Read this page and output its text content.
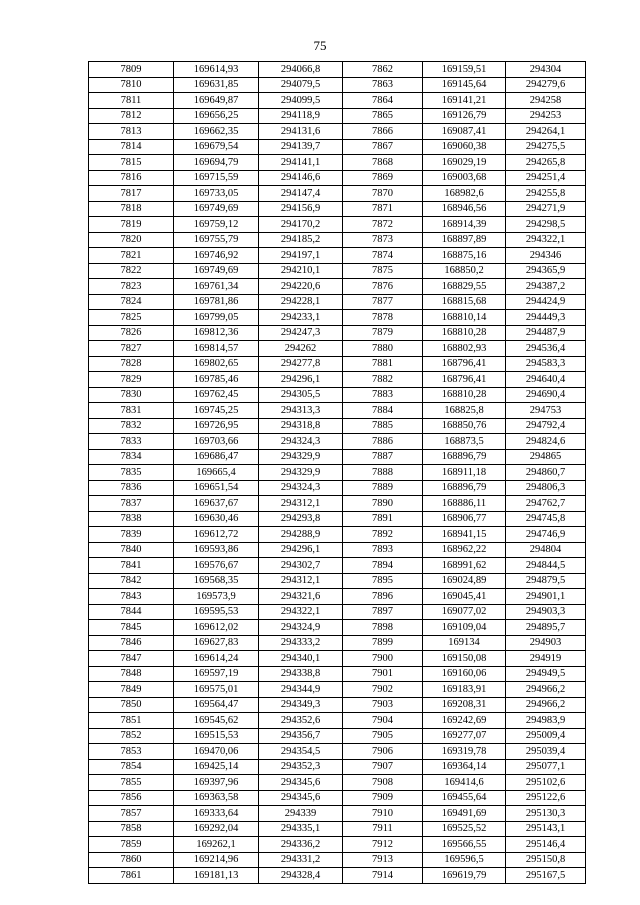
75
7809	169614,93	294066,8	7862	169159,51	294304
7810	169631,85	294079,5	7863	169145,64	294279,6
7811	169649,87	294099,5	7864	169141,21	294258
7812	169656,25	294118,9	7865	169126,79	294253
7813	169662,35	294131,6	7866	169087,41	294264,1
7814	169679,54	294139,7	7867	169060,38	294275,5
7815	169694,79	294141,1	7868	169029,19	294265,8
7816	169715,59	294146,6	7869	169003,68	294251,4
7817	169733,05	294147,4	7870	168982,6	294255,8
7818	169749,69	294156,9	7871	168946,56	294271,9
7819	169759,12	294170,2	7872	168914,39	294298,5
7820	169755,79	294185,2	7873	168897,89	294322,1
7821	169746,92	294197,1	7874	168875,16	294346
7822	169749,69	294210,1	7875	168850,2	294365,9
7823	169761,34	294220,6	7876	168829,55	294387,2
7824	169781,86	294228,1	7877	168815,68	294424,9
7825	169799,05	294233,1	7878	168810,14	294449,3
7826	169812,36	294247,3	7879	168810,28	294487,9
7827	169814,57	294262	7880	168802,93	294536,4
7828	169802,65	294277,8	7881	168796,41	294583,3
7829	169785,46	294296,1	7882	168796,41	294640,4
7830	169762,45	294305,5	7883	168810,28	294690,4
7831	169745,25	294313,3	7884	168825,8	294753
7832	169726,95	294318,8	7885	168850,76	294792,4
7833	169703,66	294324,3	7886	168873,5	294824,6
7834	169686,47	294329,9	7887	168896,79	294865
7835	169665,4	294329,9	7888	168911,18	294860,7
7836	169651,54	294324,3	7889	168896,79	294806,3
7837	169637,67	294312,1	7890	168886,11	294762,7
7838	169630,46	294293,8	7891	168906,77	294745,8
7839	169612,72	294288,9	7892	168941,15	294746,9
7840	169593,86	294296,1	7893	168962,22	294804
7841	169576,67	294302,7	7894	168991,62	294844,5
7842	169568,35	294312,1	7895	169024,89	294879,5
7843	169573,9	294321,6	7896	169045,41	294901,1
7844	169595,53	294322,1	7897	169077,02	294903,3
7845	169612,02	294324,9	7898	169109,04	294895,7
7846	169627,83	294333,2	7899	169134	294903
7847	169614,24	294340,1	7900	169150,08	294919
7848	169597,19	294338,8	7901	169160,06	294949,5
7849	169575,01	294344,9	7902	169183,91	294966,2
7850	169564,47	294349,3	7903	169208,31	294966,2
7851	169545,62	294352,6	7904	169242,69	294983,9
7852	169515,53	294356,7	7905	169277,07	295009,4
7853	169470,06	294354,5	7906	169319,78	295039,4
7854	169425,14	294352,3	7907	169364,14	295077,1
7855	169397,96	294345,6	7908	169414,6	295102,6
7856	169363,58	294345,6	7909	169455,64	295122,6
7857	169333,64	294339	7910	169491,69	295130,3
7858	169292,04	294335,1	7911	169525,52	295143,1
7859	169262,1	294336,2	7912	169566,55	295146,4
7860	169214,96	294331,2	7913	169596,5	295150,8
7861	169181,13	294328,4	7914	169619,79	295167,5
